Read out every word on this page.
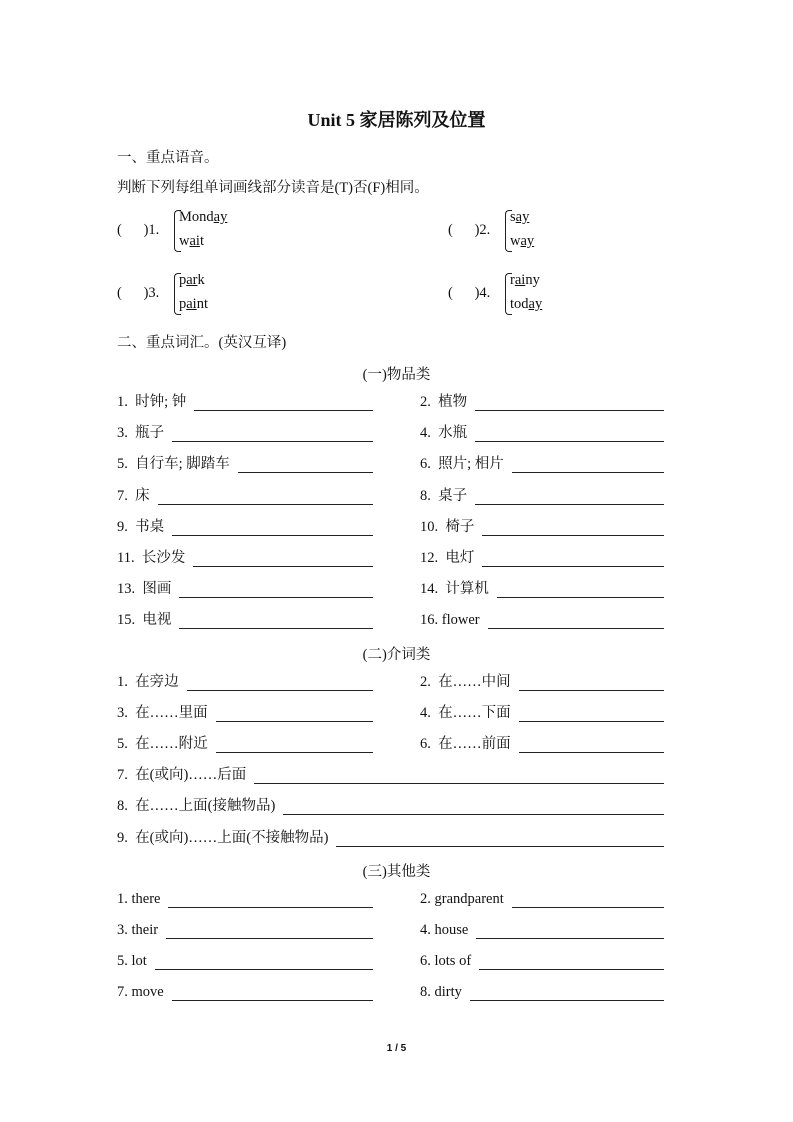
Unit 5 家居陈列及位置
一、重点语音。
判断下列每组单词画线部分读音是(T)否(F)相同。
(      )1.
Monday
wait
(      )2.
say
way
(      )3.
park
paint
(      )4.
rainy
today
二、重点词汇。(英汉互译)
(一)物品类
1.  时钟; 钟	2.  植物
3.  瓶子	4.  水瓶
5.  自行车; 脚踏车	6.  照片; 相片
7.  床	8.  桌子
9.  书桌	10.  椅子
11.  长沙发	12.  电灯
13.  图画	14.  计算机
15.  电视	16. flower
(二)介词类
1.  在旁边	2.  在……中间
3.  在……里面	4.  在……下面
5.  在……附近	6.  在……前面
7.  在(或向)……后面
8.  在……上面(接触物品)
9.  在(或向)……上面(不接触物品)
(三)其他类
1. there	2. grandparent
3. their	4. house
5. lot	6. lots of
7. move	8. dirty
1 / 5
